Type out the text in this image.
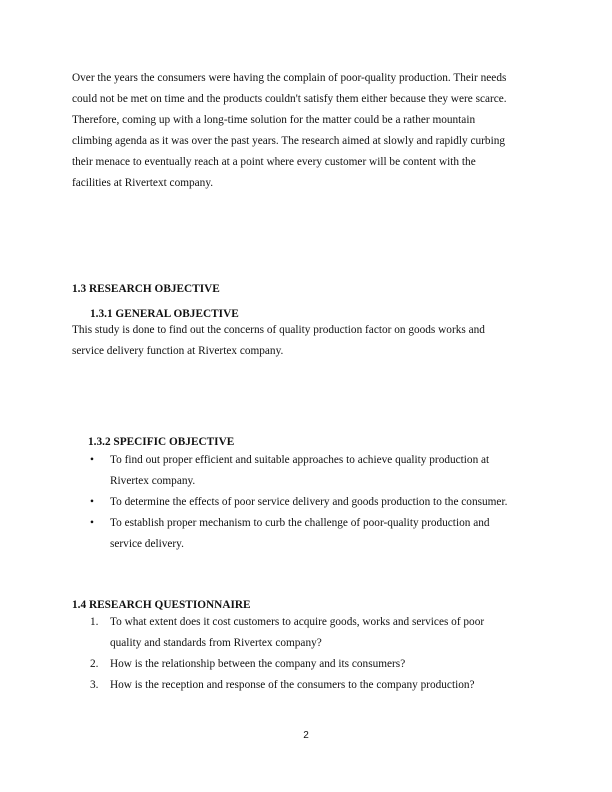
Over the years the consumers were having the complain of poor-quality production. Their needs
could not be met on time and the products couldn't satisfy them either because they were scarce.
Therefore, coming up with a long-time solution for the matter could be a rather mountain
climbing agenda as it was over the past years. The research aimed at slowly and rapidly curbing
their menace to eventually reach at a point where every customer will be content with the
facilities at Rivertext company.
1.3 RESEARCH OBJECTIVE
1.3.1 GENERAL OBJECTIVE
This study is done to find out the concerns of quality production factor on goods works and
service delivery function at Rivertex company.
1.3.2 SPECIFIC OBJECTIVE
• To find out proper efficient and suitable approaches to achieve quality production at
Rivertex company.
• To determine the effects of poor service delivery and goods production to the consumer.
• To establish proper mechanism to curb the challenge of poor-quality production and
service delivery.
1.4 RESEARCH QUESTIONNAIRE
1. To what extent does it cost customers to acquire goods, works and services of poor
quality and standards from Rivertex company?
2. How is the relationship between the company and its consumers?
3. How is the reception and response of the consumers to the company production?
2
